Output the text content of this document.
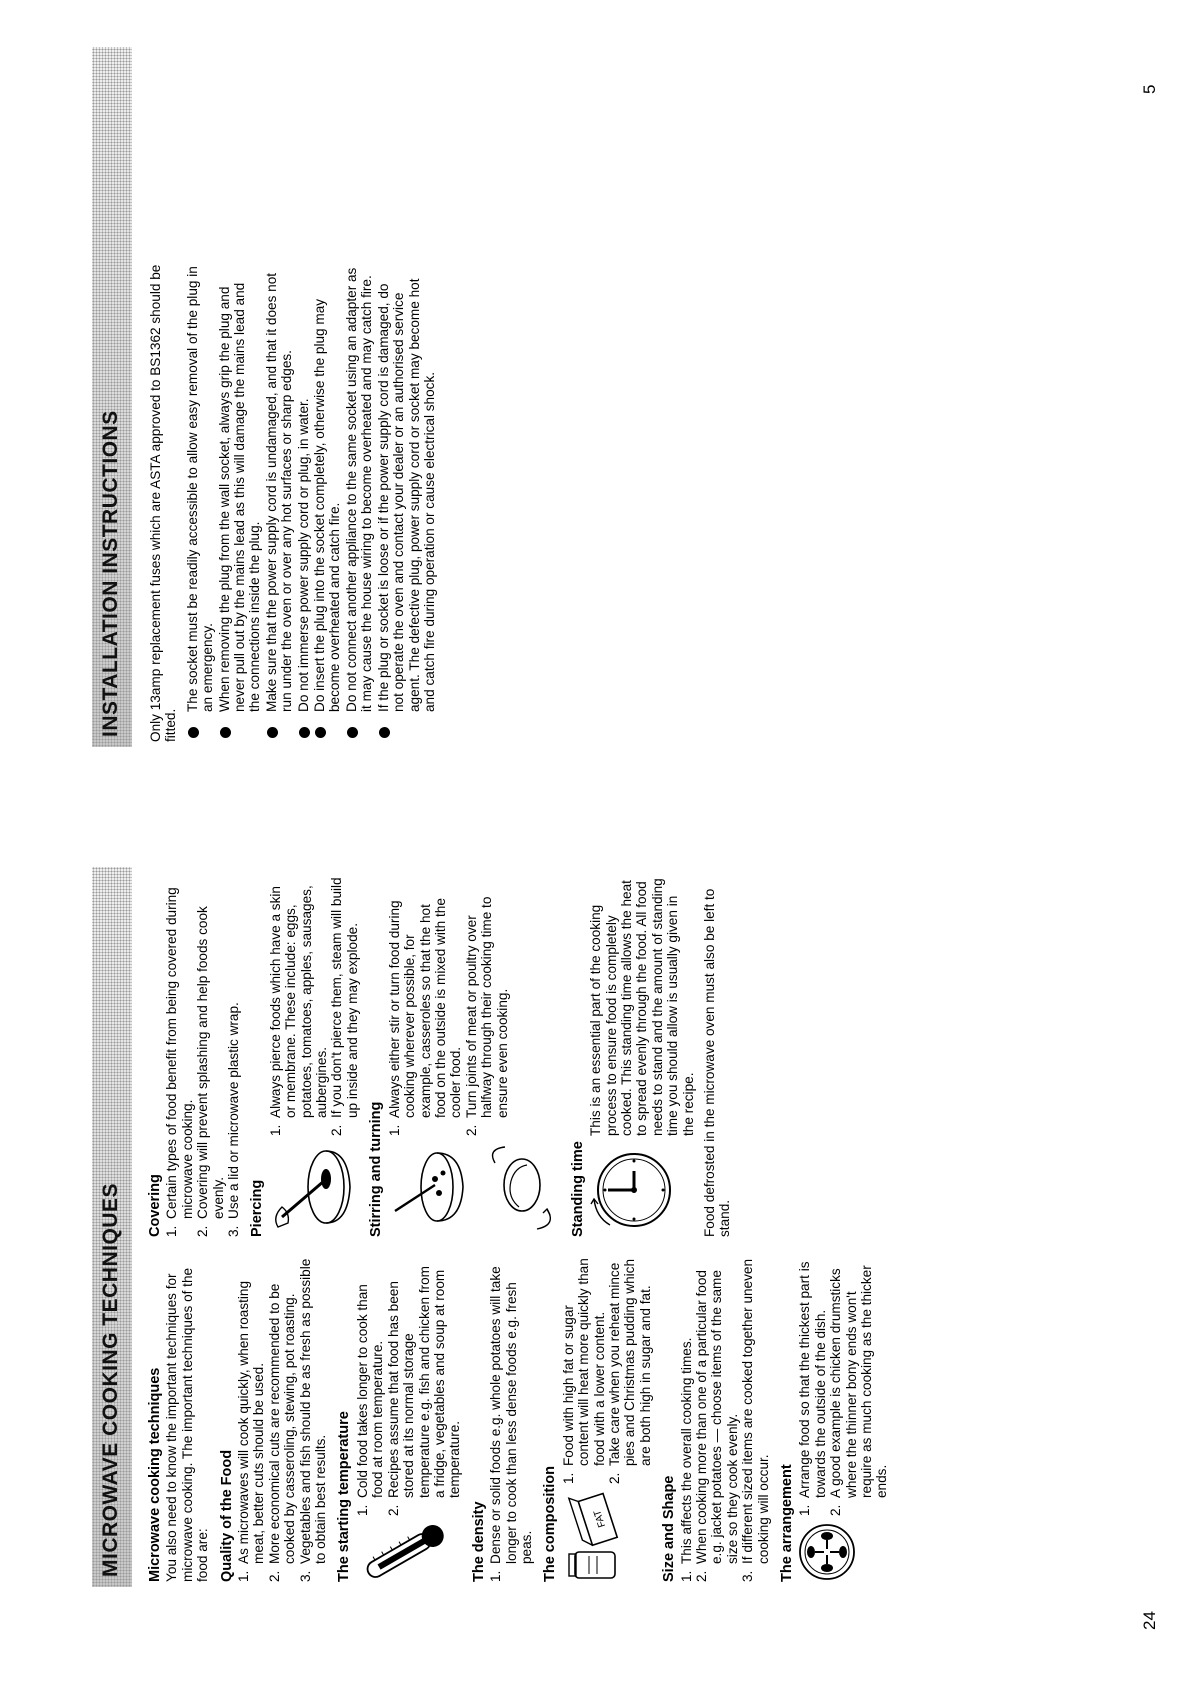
MICROWAVE COOKING TECHNIQUES
INSTALLATION INSTRUCTIONS

Microwave cooking techniques You also need to know the important techniques for microwave cooking. The important techniques of the food are: Quality of the Food 1.
As microwaves will cook quickly, when roasting meat, better cuts should be used.
2.
More economical cuts are recommended to be cooked by casseroling, stewing, pot roasting.
3.
Vegetables and fish should be as fresh as possible to obtain best results. The starting temperature 1.
Cold food takes longer to cook than food at room temperature.
2.
Recipes assume that food has been stored at its normal storage temperature e.g. fish and chicken from a fridge, vegetables and soup at room temperature.

The density 1.
Dense or solid foods e.g. whole potatoes will take longer to cook than less dense foods e.g. fresh peas. The composition	FAT
1.
Food with high fat or sugar content will heat more quickly than food with a lower content.
2.
Take care when you reheat mince pies and Christmas pudding which are both high in sugar and fat.

Size and Shape 1.
This affects the overall cooking times.
2.
When cooking more than one of a particular food e.g. jacket potatoes — choose items of the same size so they cook evenly.
3.
If different sized items are cooked together uneven cooking will occur. The arrangement 1.
Arrange food so that the thickest part is towards the outside of the dish.
2.
A good example is chicken drumsticks where the thinner bony ends won't require as much cooking as the thicker ends.

Covering 1.
Certain types of food benefit from being covered during microwave cooking.
2.
Covering will prevent splashing and help foods cook evenly.
3.
Use a lid or microwave plastic wrap. Piercing

1.
Always pierce foods which have a skin or membrane. These include: eggs, potatoes, tomatoes, apples, sausages, aubergines.
2.
If you don't pierce them, steam will build up inside and they may explode.

Stirring and turning 1.
Always either stir or turn food during cooking wherever possible, for example, casseroles so that the hot food on the outside is mixed with the cooler food.
2.
Turn joints of meat or poultry over halfway through their cooking time to ensure even cooking.

Standing time

This is an essential part of the cooking process to ensure food is completely cooked. This standing time allows the heat to spread evenly through the food. All food needs to stand and the amount of standing time you should allow is usually given in the recipe. Food defrosted in the microwave oven must also be left to stand.

Only 13amp replacement fuses which are ASTA approved to BS1362 should be fitted.

The socket must be readily accessible to allow easy removal of the plug in an emergency. When removing the plug from the wall socket, always grip the plug and never pull out by the mains lead as this will damage the mains lead and the connections inside the plug. Make sure that the power supply cord is undamaged, and that it does not run under the oven or over any hot surfaces or sharp edges. Do not immerse power supply cord or plug, in water. Do insert the plug into the socket completely, otherwise the plug may become overheated and catch fire. Do not connect another appliance to the same socket using an adapter as it may cause the house wiring to become overheated and may catch fire. If the plug or socket is loose or if the power supply cord is damaged, do not operate the oven and contact your dealer or an authorised service agent. The defective plug, power supply cord or socket may become hot and catch fire during operation or cause electrical shock.
24
5
